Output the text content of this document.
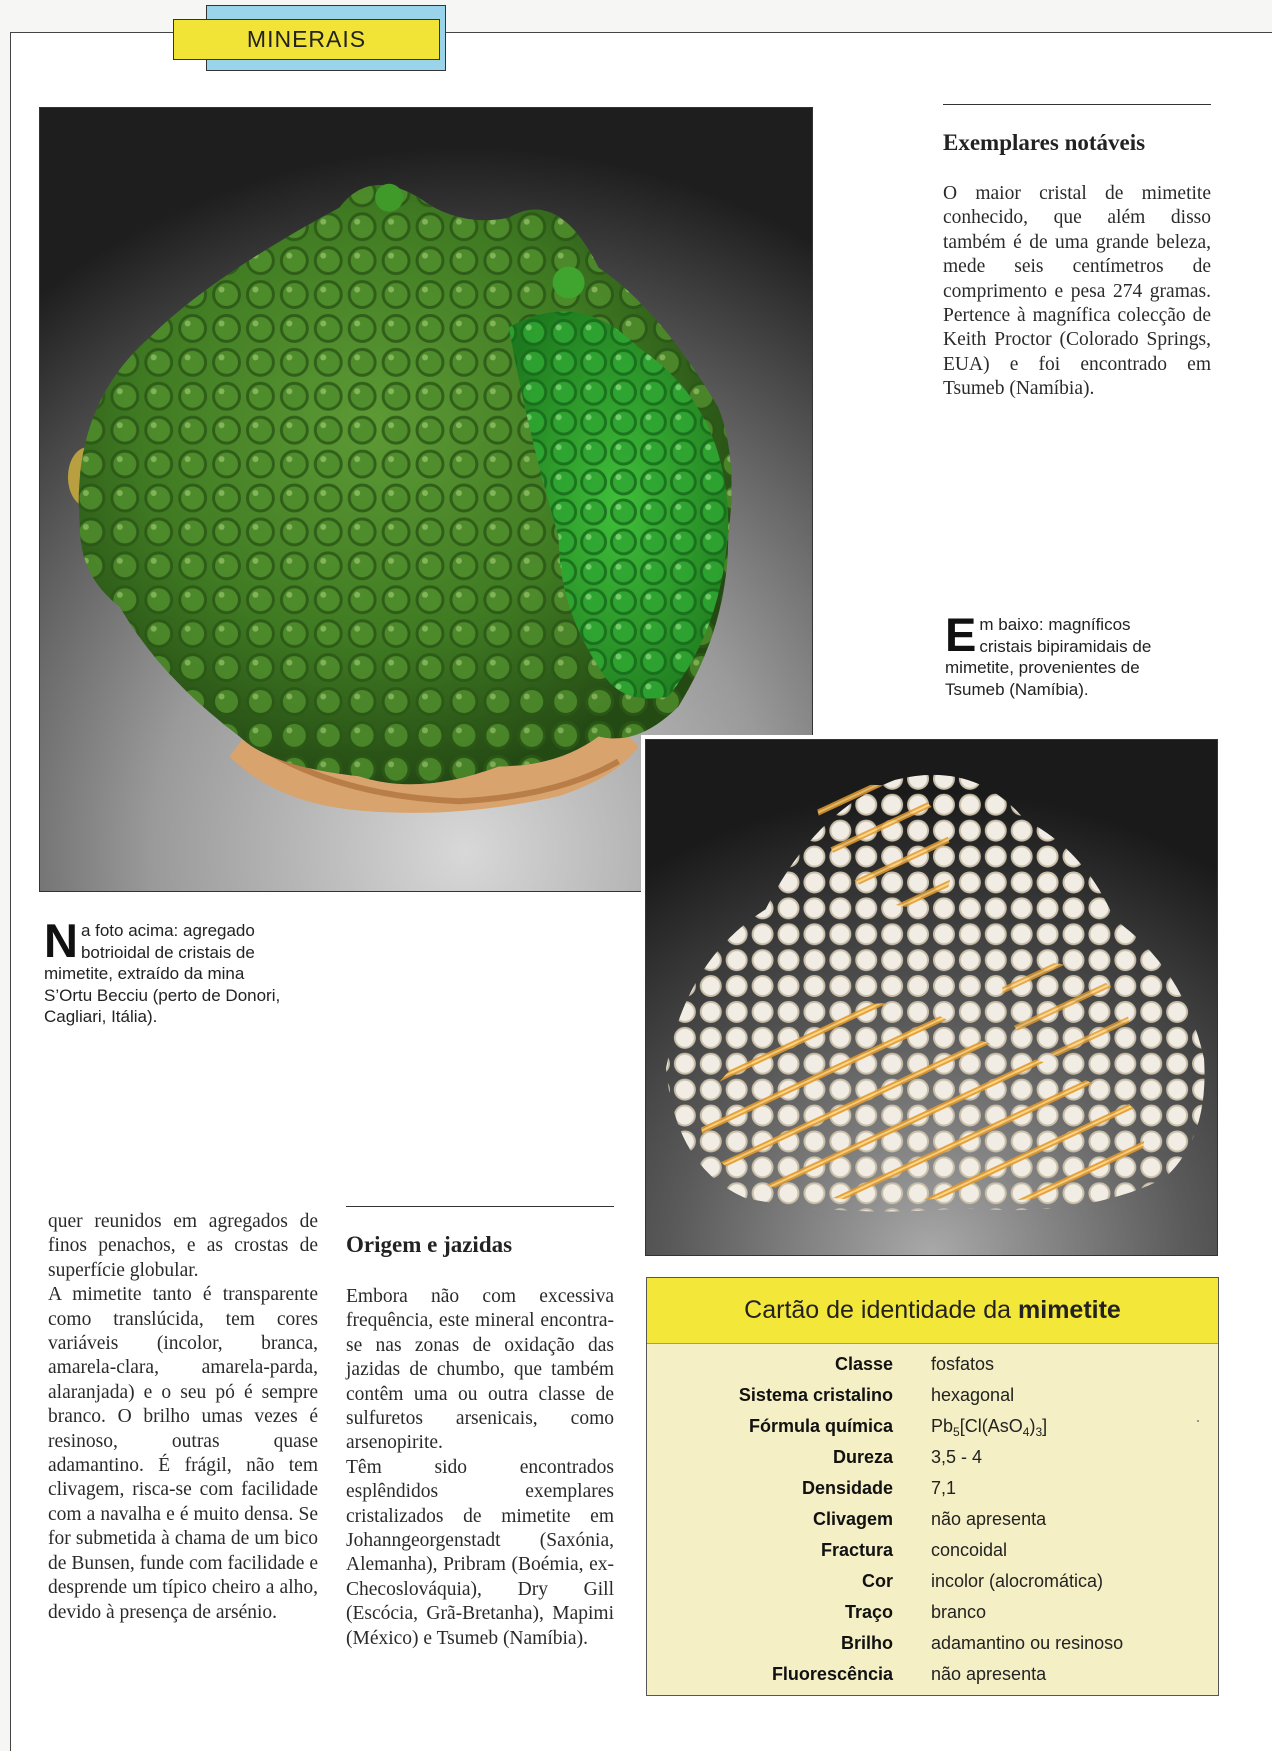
MINERAIS
Exemplares notáveis
O maior cristal de mimetite conhecido, que além disso também é de uma grande beleza, mede seis centímetros de comprimento e pesa 274 gramas. Pertence à magnífica colecção de Keith Proctor (Colorado Springs, EUA) e foi encontrado em Tsumeb (Namíbia).
Em baixo: magníficos cristais bipiramidais de mimetite, provenientes de Tsumeb (Namíbia).
Na foto acima: agregado botrioidal de cristais de mimetite, extraído da mina S’Ortu Becciu (perto de Donori, Cagliari, Itália).

quer reunidos em agregados de finos penachos, e as crostas de superfície globular.

A mimetite tanto é transparente como translúcida, tem cores variáveis (incolor, branca, amarela-clara, amarela-parda, alaranjada) e o seu pó é sempre branco. O brilho umas vezes é resinoso, outras quase adamantino. É frágil, não tem clivagem, risca-se com facilidade com a navalha e é muito densa. Se for submetida à chama de um bico de Bunsen, funde com facilidade e desprende um típico cheiro a alho, devido à presença de arsénio.

Origem e jazidas

Embora não com excessiva frequência, este mineral encontra-se nas zonas de oxidação das jazidas de chumbo, que também contêm uma ou outra classe de sulfuretos arsenicais, como arsenopirite.

Têm sido encontrados esplêndidos exemplares cristalizados de mimetite em Johanngeorgenstadt (Saxónia, Alemanha), Pribram (Boémia, ex-Checoslováquia), Dry Gill (Escócia, Grã-Bretanha), Mapimi (México) e Tsumeb (Namíbia).

Cartão de identidade da mimetite
Classe fosfatos
Sistema cristalino hexagonal
Fórmula química $Pb_5[Cl(AsO_4)_3]$
Dureza 3,5 - 4
Densidade 7,1
Clivagem não apresenta
Fractura concoidal
Cor incolor (alocromática)
Traço branco
Brilho adamantino ou resinoso
Fluorescência não apresenta
